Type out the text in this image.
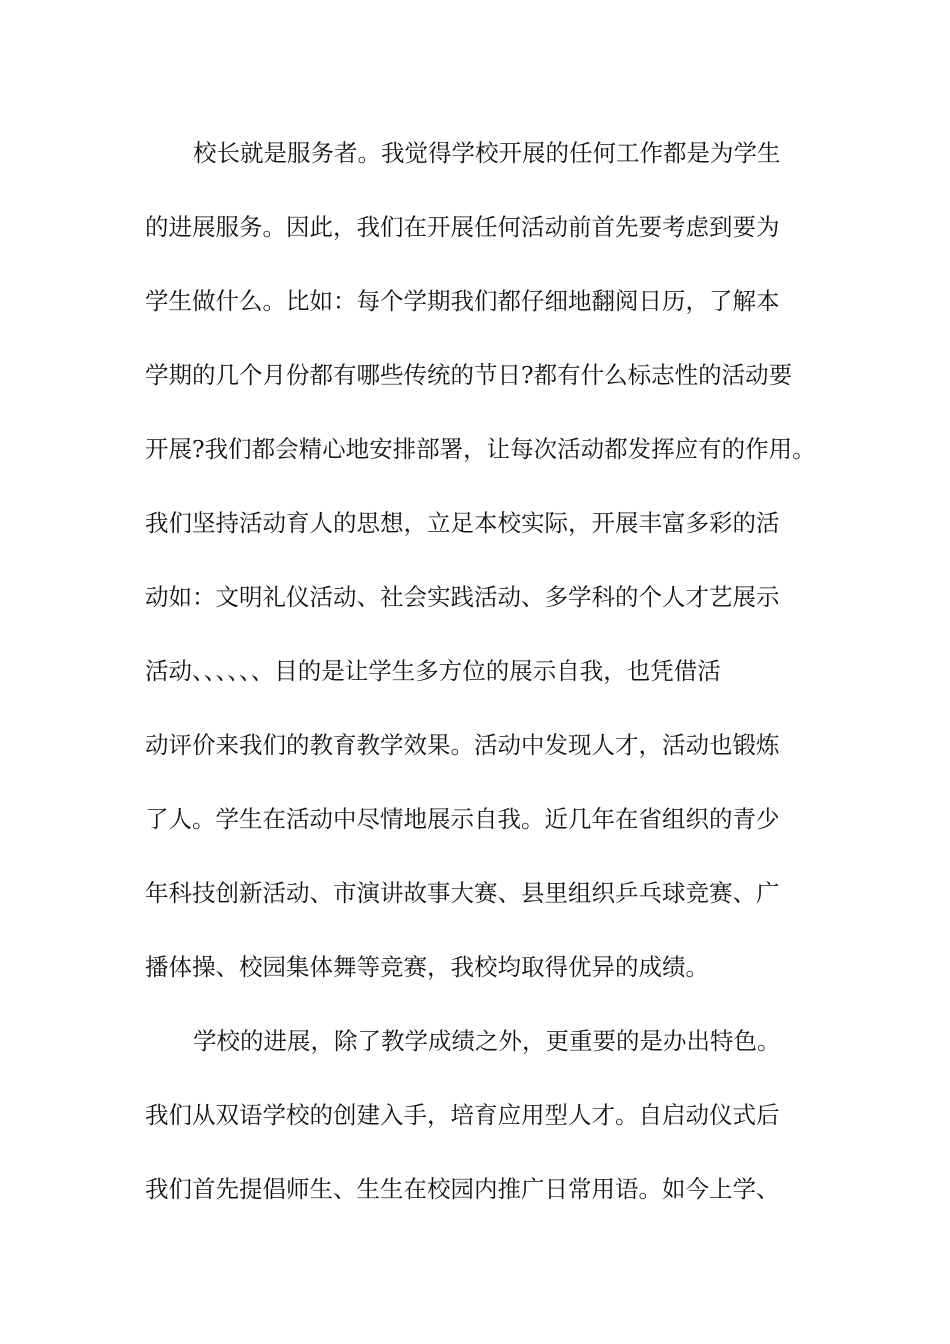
校长就是服务者。我觉得学校开展的任何工作都是为学生
的进展服务。因此，我们在开展任何活动前首先要考虑到要为
学生做什么。比如：每个学期我们都仔细地翻阅日历，了解本
学期的几个月份都有哪些传统的节日?都有什么标志性的活动要
开展?我们都会精心地安排部署，让每次活动都发挥应有的作用。
我们坚持活动育人的思想，立足本校实际，开展丰富多彩的活
动如：文明礼仪活动、社会实践活动、多学科的个人才艺展示
活动、、、、、、目的是让学生多方位的展示自我，也凭借活
动评价来我们的教育教学效果。活动中发现人才，活动也锻炼
了人。学生在活动中尽情地展示自我。近几年在省组织的青少
年科技创新活动、市演讲故事大赛、县里组织乒乓球竞赛、广
播体操、校园集体舞等竞赛，我校均取得优异的成绩。
学校的进展，除了教学成绩之外，更重要的是办出特色。
我们从双语学校的创建入手，培育应用型人才。自启动仪式后
我们首先提倡师生、生生在校园内推广日常用语。如今上学、
